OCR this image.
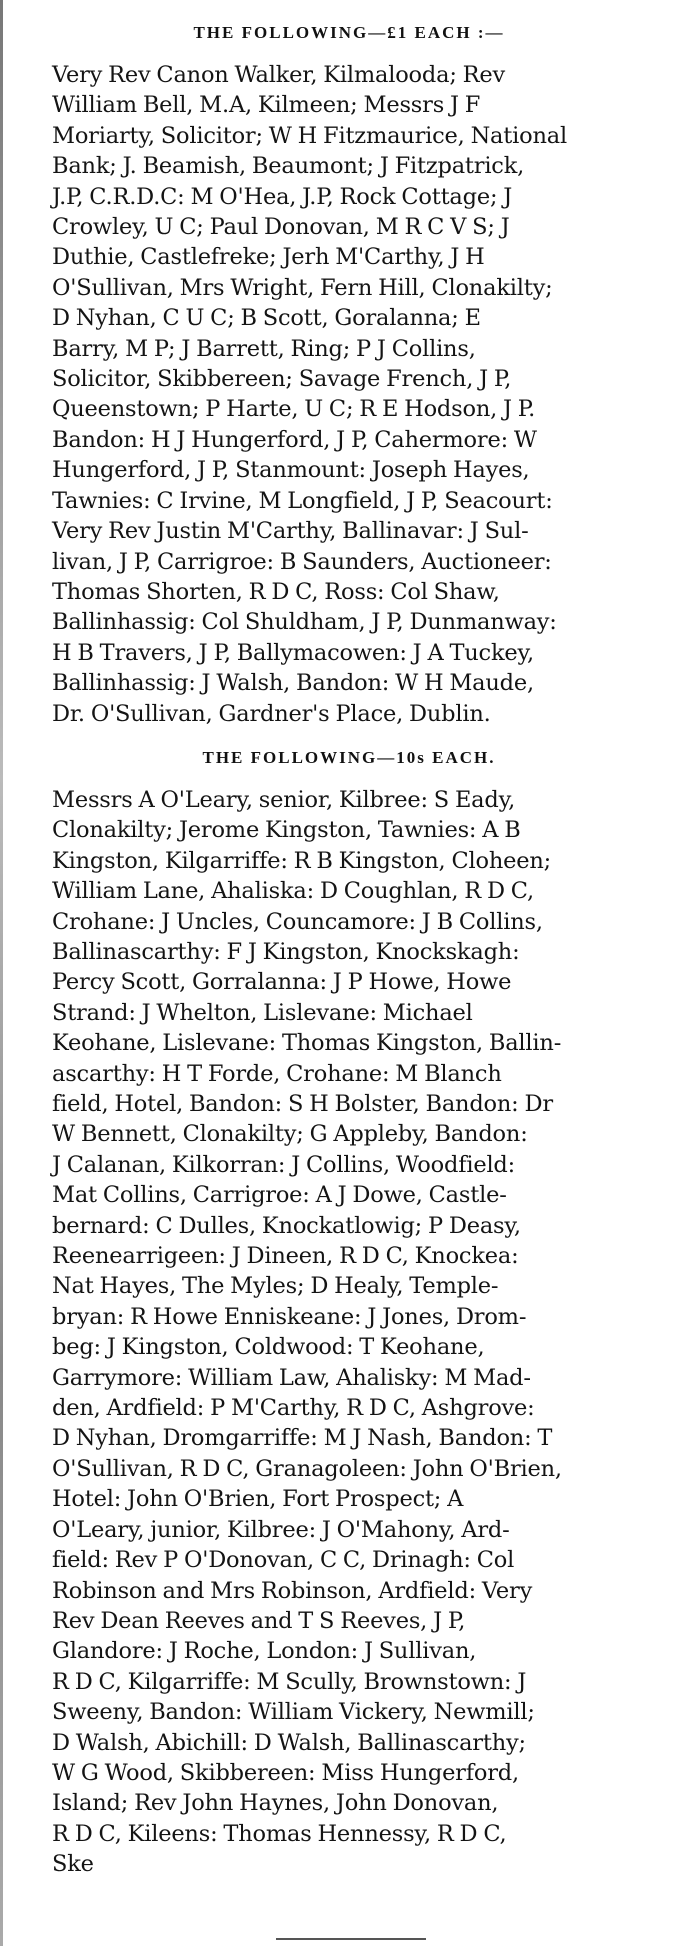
THE FOLLOWING—£1 EACH :—

Very Rev Canon Walker, Kilmalooda; Rev
William Bell, M.A, Kilmeen; Messrs J F
Moriarty, Solicitor; W H Fitzmaurice, National
Bank; J. Beamish, Beaumont; J Fitzpatrick,
J.P, C.R.D.C: M O'Hea, J.P, Rock Cottage; J
Crowley, U C; Paul Donovan, M R C V S; J
Duthie, Castlefreke; Jerh M'Carthy, J H
O'Sullivan, Mrs Wright, Fern Hill, Clonakilty;
D Nyhan, C U C; B Scott, Goralanna; E
Barry, M P; J Barrett, Ring; P J Collins,
Solicitor, Skibbereen; Savage French, J P,
Queenstown; P Harte, U C; R E Hodson, J P.
Bandon: H J Hungerford, J P, Cahermore: W
Hungerford, J P, Stanmount: Joseph Hayes,
Tawnies: C Irvine, M Longfield, J P, Seacourt:
Very Rev Justin M'Carthy, Ballinavar: J Sul-
livan, J P, Carrigroe: B Saunders, Auctioneer:
Thomas Shorten, R D C, Ross: Col Shaw,
Ballinhassig: Col Shuldham, J P, Dunmanway:
H B Travers, J P, Ballymacowen: J A Tuckey,
Ballinhassig: J Walsh, Bandon: W H Maude,
Dr. O'Sullivan, Gardner's Place, Dublin.

THE FOLLOWING—10s EACH.

Messrs A O'Leary, senior, Kilbree: S Eady,
Clonakilty; Jerome Kingston, Tawnies: A B
Kingston, Kilgarriffe: R B Kingston, Cloheen;
William Lane, Ahaliska: D Coughlan, R D C,
Crohane: J Uncles, Councamore: J B Collins,
Ballinascarthy: F J Kingston, Knockskagh:
Percy Scott, Gorralanna: J P Howe, Howe
Strand: J Whelton, Lislevane: Michael
Keohane, Lislevane: Thomas Kingston, Ballin-
ascarthy: H T Forde, Crohane: M Blanch
field, Hotel, Bandon: S H Bolster, Bandon: Dr
W Bennett, Clonakilty; G Appleby, Bandon:
J Calanan, Kilkorran: J Collins, Woodfield:
Mat Collins, Carrigroe: A J Dowe, Castle-
bernard: C Dulles, Knockatlowig; P Deasy,
Reenearrigeen: J Dineen, R D C, Knockea:
Nat Hayes, The Myles; D Healy, Temple-
bryan: R Howe Enniskeane: J Jones, Drom-
beg: J Kingston, Coldwood: T Keohane,
Garrymore: William Law, Ahalisky: M Mad-
den, Ardfield: P M'Carthy, R D C, Ashgrove:
D Nyhan, Dromgarriffe: M J Nash, Bandon: T
O'Sullivan, R D C, Granagoleen: John O'Brien,
Hotel: John O'Brien, Fort Prospect; A
O'Leary, junior, Kilbree: J O'Mahony, Ard-
field: Rev P O'Donovan, C C, Drinagh: Col
Robinson and Mrs Robinson, Ardfield: Very
Rev Dean Reeves and T S Reeves, J P,
Glandore: J Roche, London: J Sullivan,
R D C, Kilgarriffe: M Scully, Brownstown: J
Sweeny, Bandon: William Vickery, Newmill;
D Walsh, Abichill: D Walsh, Ballinascarthy;
W G Wood, Skibbereen: Miss Hungerford,
Island; Rev John Haynes, John Donovan,
R D C, Kileens: Thomas Hennessy, R D C,
Ske
